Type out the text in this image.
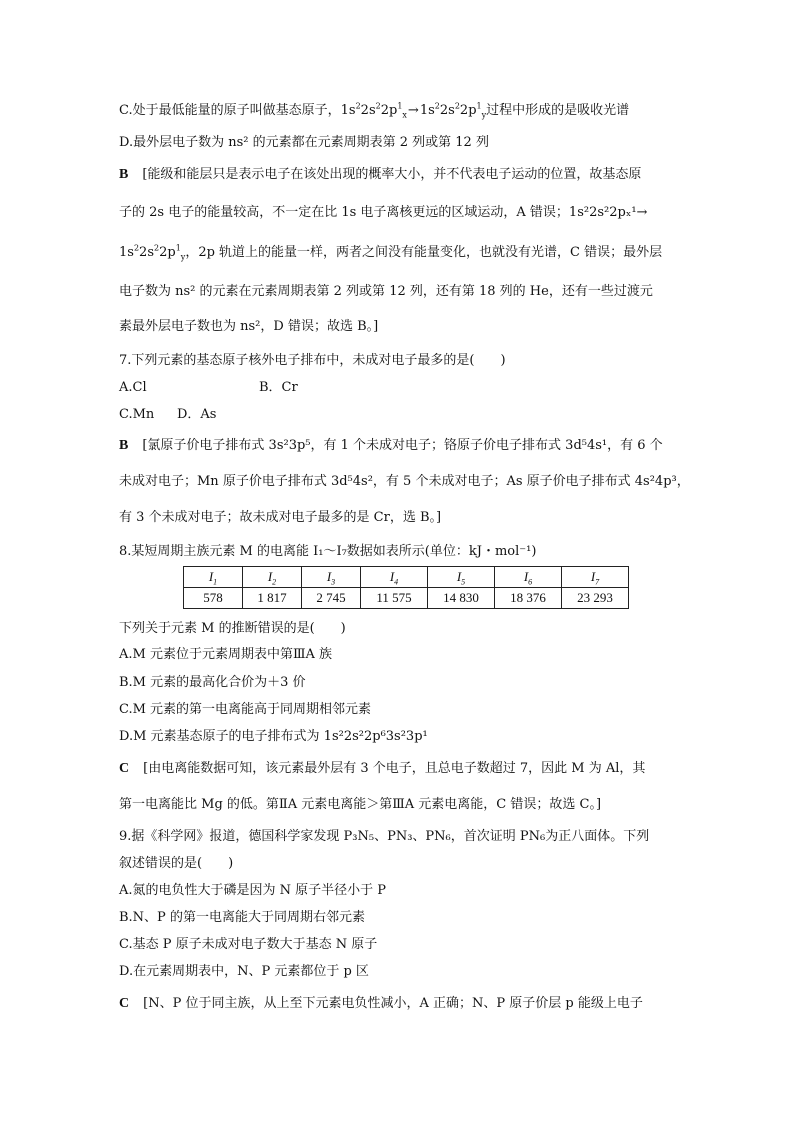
C.处于最低能量的原子叫做基态原子，$1s^22s^22p^1_x\to 1s^22s^22p^1_y$过程中形成的是吸收光谱
D.最外层电子数为 ns² 的元素都在元素周期表第 2 列或第 12 列
B [能级和能层只是表示电子在该处出现的概率大小，并不代表电子运动的位置，故基态原
子的 2s 电子的能量较高，不一定在比 1s 电子离核更远的区域运动，A 错误；1s²2s²2pₓ¹→
$1s^22s^22p^1_y$，2p 轨道上的能量一样，两者之间没有能量变化，也就没有光谱，C 错误；最外层
电子数为 ns² 的元素在元素周期表第 2 列或第 12 列，还有第 18 列的 He，还有一些过渡元
素最外层电子数也为 ns²，D 错误；故选 B。]
7.下列元素的基态原子核外电子排布中，未成对电子最多的是(　　)
A.Cl	B．Cr
C.Mn D．As
B [氯原子价电子排布式 3s²3p⁵，有 1 个未成对电子；铬原子价电子排布式 3d⁵4s¹，有 6 个
未成对电子；Mn 原子价电子排布式 3d⁵4s²，有 5 个未成对电子；As 原子价电子排布式 4s²4p³，
有 3 个未成对电子；故未成对电子最多的是 Cr，选 B。]
8.某短周期主族元素 M 的电离能 I₁～I₇数据如表所示(单位：kJ・mol⁻¹)
$I_1$	$I_2$	$I_3$	$I_4$	$I_5$	$I_6$	$I_7$
578	1 817	2 745	11 575	14 830	18 376	23 293
下列关于元素 M 的推断错误的是(　　)
A.M 元素位于元素周期表中第ⅢA 族
B.M 元素的最高化合价为＋3 价
C.M 元素的第一电离能高于同周期相邻元素
D.M 元素基态原子的电子排布式为 1s²2s²2p⁶3s²3p¹
C [由电离能数据可知，该元素最外层有 3 个电子，且总电子数超过 7，因此 M 为 Al，其
第一电离能比 Mg 的低。第ⅡA 元素电离能＞第ⅢA 元素电离能，C 错误；故选 C。]
9.据《科学网》报道，德国科学家发现 P₃N₅、PN₃、PN₆，首次证明 PN₆为正八面体。下列
叙述错误的是(　　)
A.氮的电负性大于磷是因为 N 原子半径小于 P
B.N、P 的第一电离能大于同周期右邻元素
C.基态 P 原子未成对电子数大于基态 N 原子
D.在元素周期表中，N、P 元素都位于 p 区
C [N、P 位于同主族，从上至下元素电负性减小，A 正确；N、P 原子价层 p 能级上电子
